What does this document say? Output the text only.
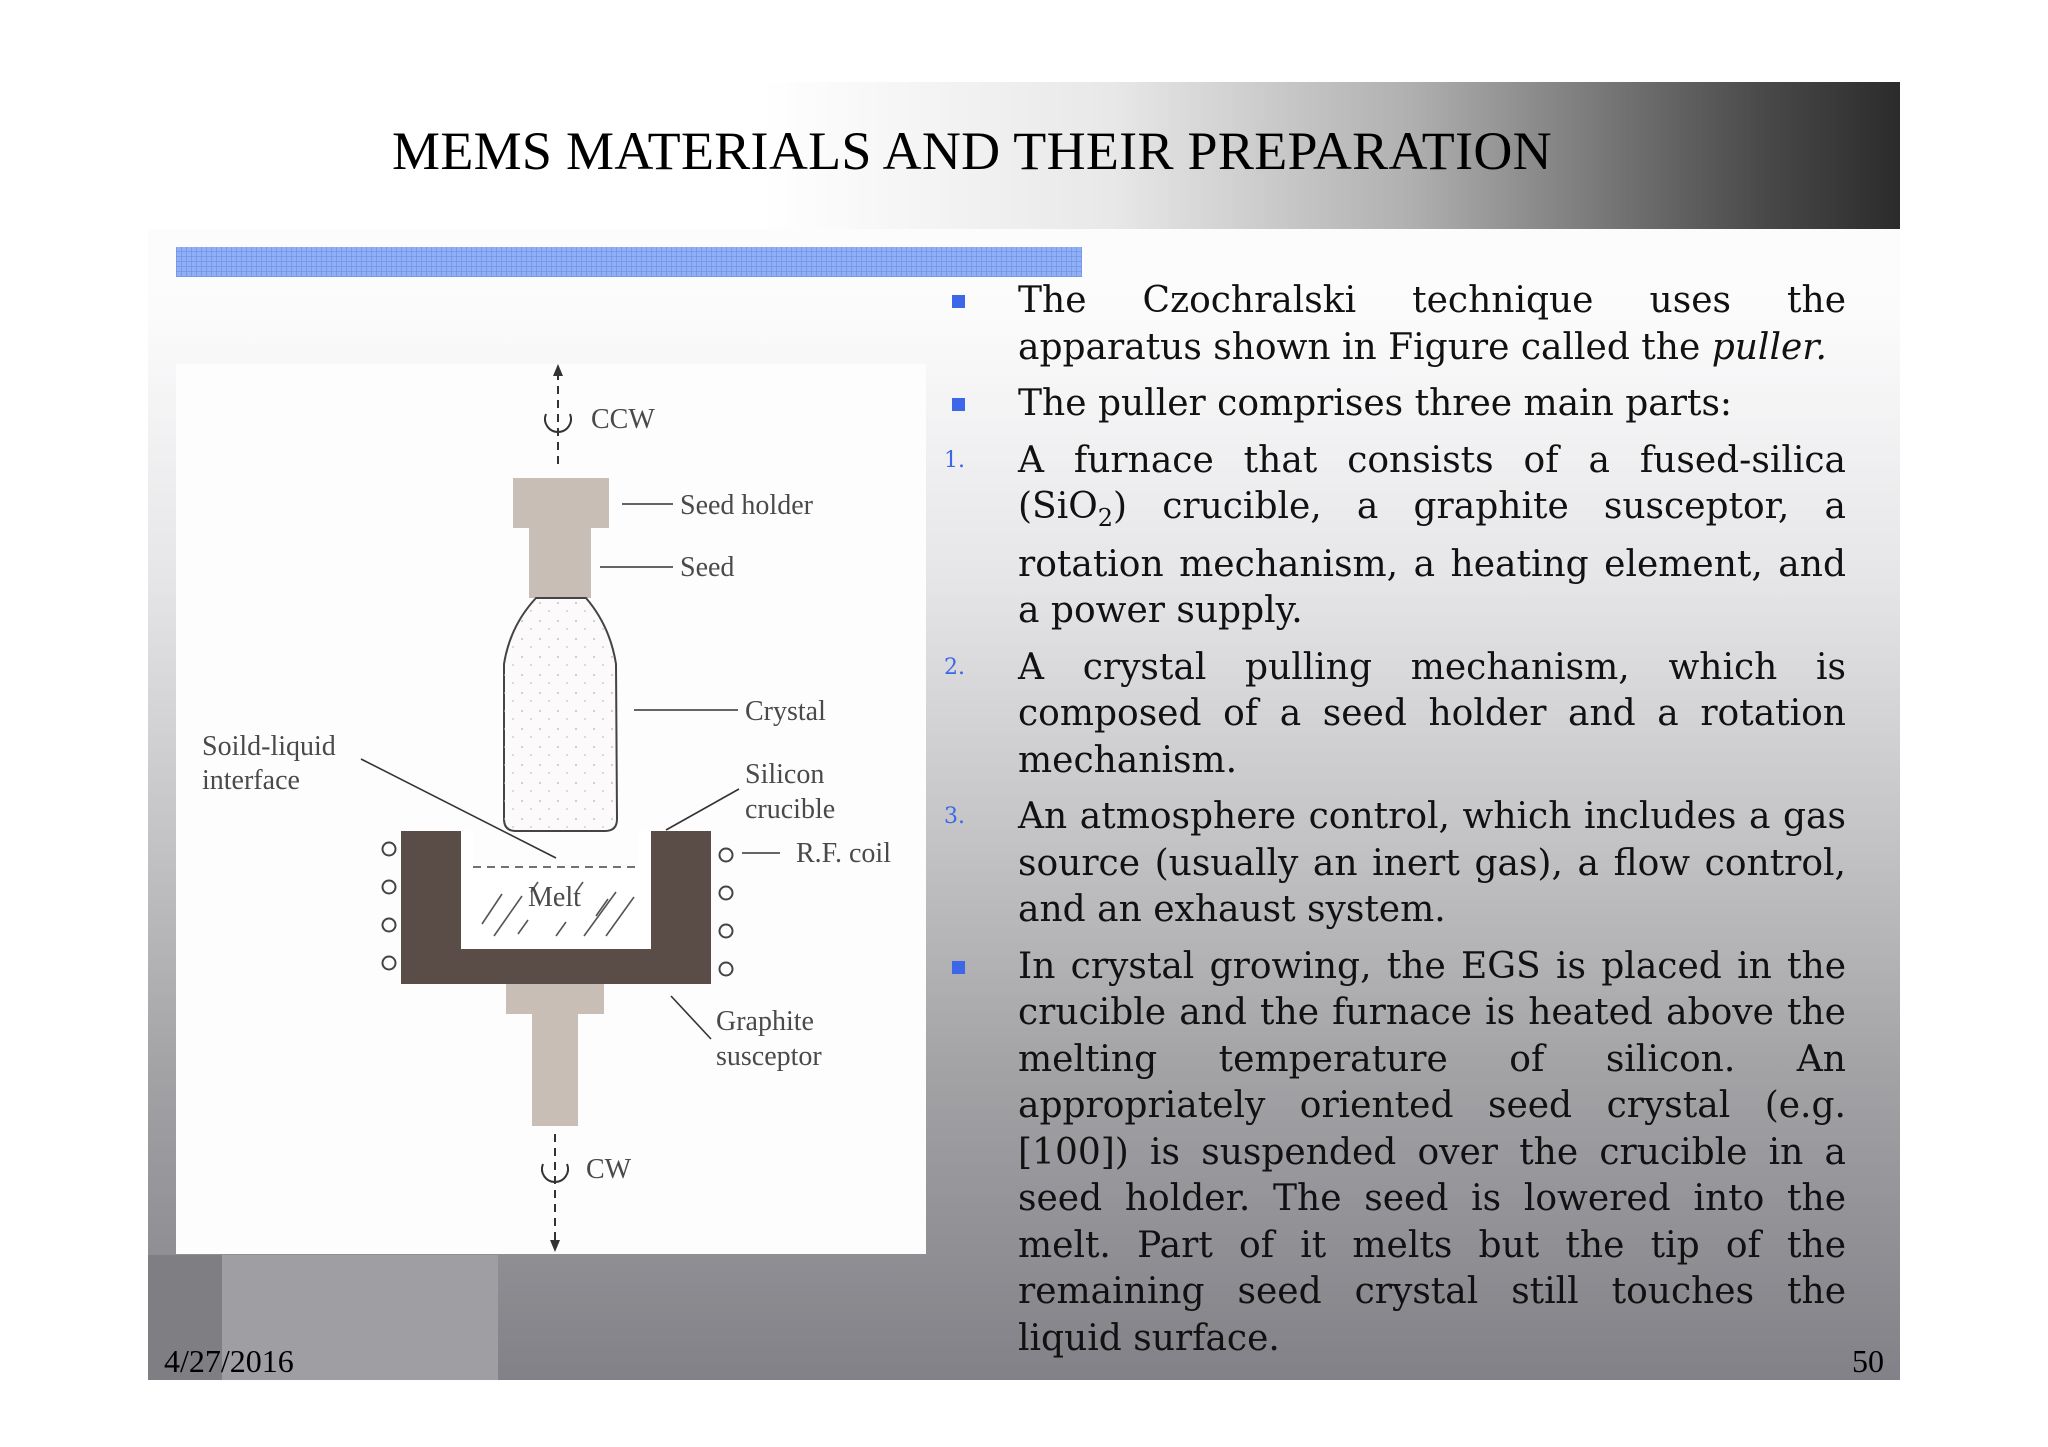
MEMS MATERIALS AND THEIR PREPARATION
CCW
Seed holder
Seed
Crystal
Soild-liquid
interface	Silicon
crucible
R.F. coil
Melt
Graphite
susceptor
CW
The Czochralski technique uses the apparatus shown in Figure called the puller.
The puller comprises three main parts:
1. A furnace that consists of a fused-silica (SiO$_2$) crucible, a graphite susceptor, a rotation mechanism, a heating element, and a power supply.
2. A crystal pulling mechanism, which is composed of a seed holder and a rotation mechanism.
3. An atmosphere control, which includes a gas source (usually an inert gas), a flow control, and an exhaust system.
In crystal growing, the EGS is placed in the crucible and the furnace is heated above the melting temperature of silicon. An appropriately oriented seed crystal (e.g. [100]) is suspended over the crucible in a seed holder. The seed is lowered into the melt. Part of it melts but the tip of the remaining seed crystal still touches the liquid surface.
4/27/2016	50
